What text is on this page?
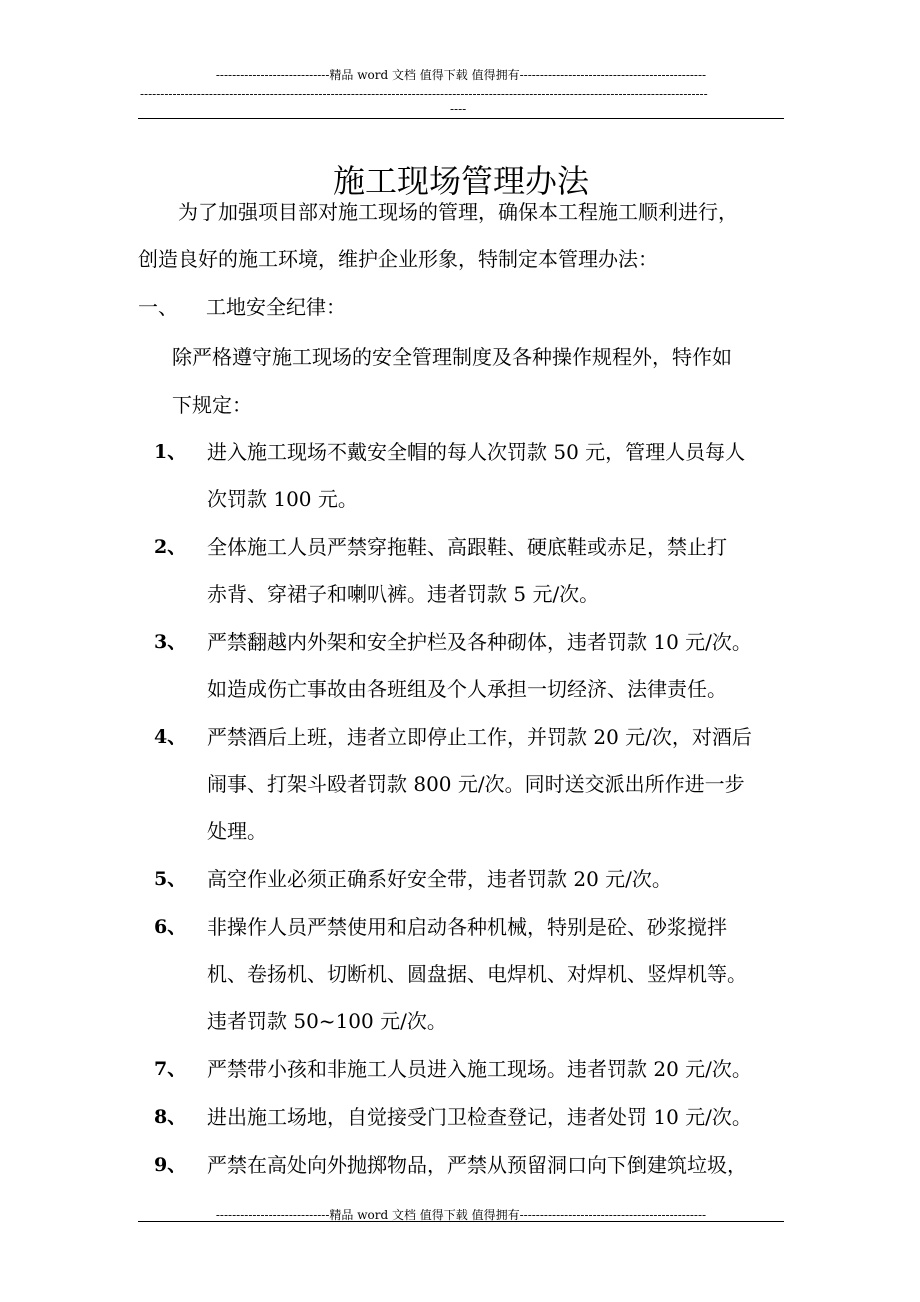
----------------------------精品 word 文档 值得下载 值得拥有----------------------------------------------
--------------------------------------------------------------------------------------------------------------------------------------------
----
施工现场管理办法
为了加强项目部对施工现场的管理，确保本工程施工顺利进行，
创造良好的施工环境，维护企业形象，特制定本管理办法：
一、 工地安全纪律：
除严格遵守施工现场的安全管理制度及各种操作规程外，特作如
下规定：
1、 进入施工现场不戴安全帽的每人次罚款 50 元，管理人员每人
次罚款 100 元。
2、 全体施工人员严禁穿拖鞋、高跟鞋、硬底鞋或赤足，禁止打
赤背、穿裙子和喇叭裤。违者罚款 5 元/次。
3、 严禁翻越内外架和安全护栏及各种砌体，违者罚款 10 元/次。
如造成伤亡事故由各班组及个人承担一切经济、法律责任。
4、 严禁酒后上班，违者立即停止工作，并罚款 20 元/次，对酒后
闹事、打架斗殴者罚款 800 元/次。同时送交派出所作进一步
处理。
5、 高空作业必须正确系好安全带，违者罚款 20 元/次。
6、 非操作人员严禁使用和启动各种机械，特别是砼、砂浆搅拌
机、卷扬机、切断机、圆盘据、电焊机、对焊机、竖焊机等。
违者罚款 50~100 元/次。
7、 严禁带小孩和非施工人员进入施工现场。违者罚款 20 元/次。
8、 进出施工场地，自觉接受门卫检查登记，违者处罚 10 元/次。
9、 严禁在高处向外抛掷物品，严禁从预留洞口向下倒建筑垃圾，
----------------------------精品 word 文档 值得下载 值得拥有----------------------------------------------
